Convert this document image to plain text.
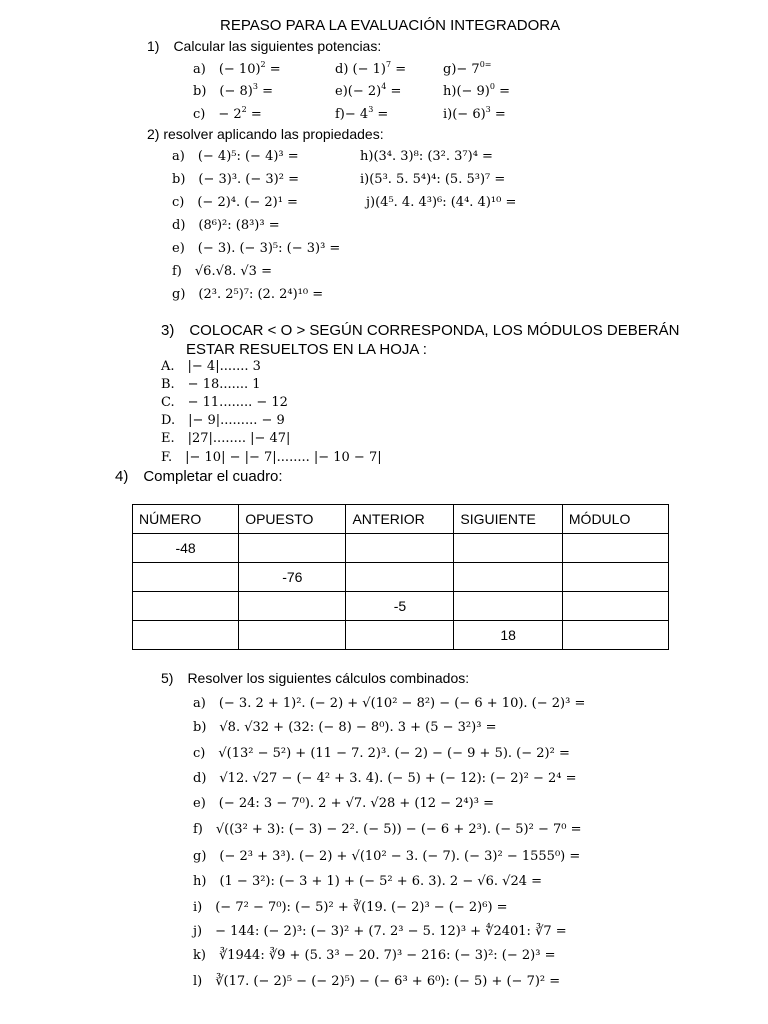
REPASO PARA LA EVALUACIÓN INTEGRADORA
1) Calcular las siguientes potencias:
a) (− 10)$^2$ =
b) (− 8)$^3$ =
c) − $2^2$ =
d) (− 1)$^7$ =
$e)(- 2)^4$ =
$f)- 4^3$ =
$g)- 7^{0=}$
$h)(- 9)^0$ =
$i)(- 6)^3$ =
2) resolver aplicando las propiedades:
a) (− 4)⁵: (− 4)³ =
b) (− 3)³. (− 3)² =
c) (− 2)⁴. (− 2)¹ =
d) (8⁶)²: (8³)³ =
e) (− 3). (− 3)⁵: (− 3)³ =
f) √6.√8. √3 =
g) (2³. 2⁵)⁷: (2. 2⁴)¹⁰ =
h)(3⁴. 3)⁸: (3². 3⁷)⁴ =
i)(5³. 5. 5⁴)⁴: (5. 5³)⁷ =
j)(4⁵. 4. 4³)⁶: (4⁴. 4)¹⁰ =
3) COLOCAR < O > SEGÚN CORRESPONDA, LOS MÓDULOS DEBERÁN
ESTAR RESUELTOS EN LA HOJA :
A. |− 4|....... 3
B. − 18....... 1
C. − 11........ − 12
D. |− 9|......... − 9
E. |27|........ |− 47|
F. |− 10| − |− 7|........ |− 10 − 7|
4) Completar el cuadro:
NÚMERO	OPUESTO	ANTERIOR	SIGUIENTE	MÓDULO
-48				
	-76			
		-5		
			18	
5) Resolver los siguientes cálculos combinados:
a) (− 3. 2 + 1)². (− 2) + √(10² − 8²) − (− 6 + 10). (− 2)³ =
b) √8. √32 + (32: (− 8) − 8⁰). 3 + (5 − 3²)³ =
c) √(13² − 5²) + (11 − 7. 2)³. (− 2) − (− 9 + 5). (− 2)² =
d) √12. √27 − (− 4² + 3. 4). (− 5) + (− 12): (− 2)² − 2⁴ =
e) (− 24: 3 − 7⁰). 2 + √7. √28 + (12 − 2⁴)³ =
f) √((3² + 3): (− 3) − 2². (− 5)) − (− 6 + 2³). (− 5)² − 7⁰ =
g) (− 2³ + 3³). (− 2) + √(10² − 3. (− 7). (− 3)² − 1555⁰) =
h) (1 − 3²): (− 3 + 1) + (− 5² + 6. 3). 2 − √6. √24 =
i) (− 7² − 7⁰): (− 5)² + ∛(19. (− 2)³ − (− 2)⁶) =
j) − 144: (− 2)³: (− 3)² + (7. 2³ − 5. 12)³ + ∜2401: ∛7 =
k) ∛1944: ∛9 + (5. 3³ − 20. 7)³ − 216: (− 3)²: (− 2)³ =
l) ∛(17. (− 2)⁵ − (− 2)⁵) − (− 6³ + 6⁰): (− 5) + (− 7)² =
